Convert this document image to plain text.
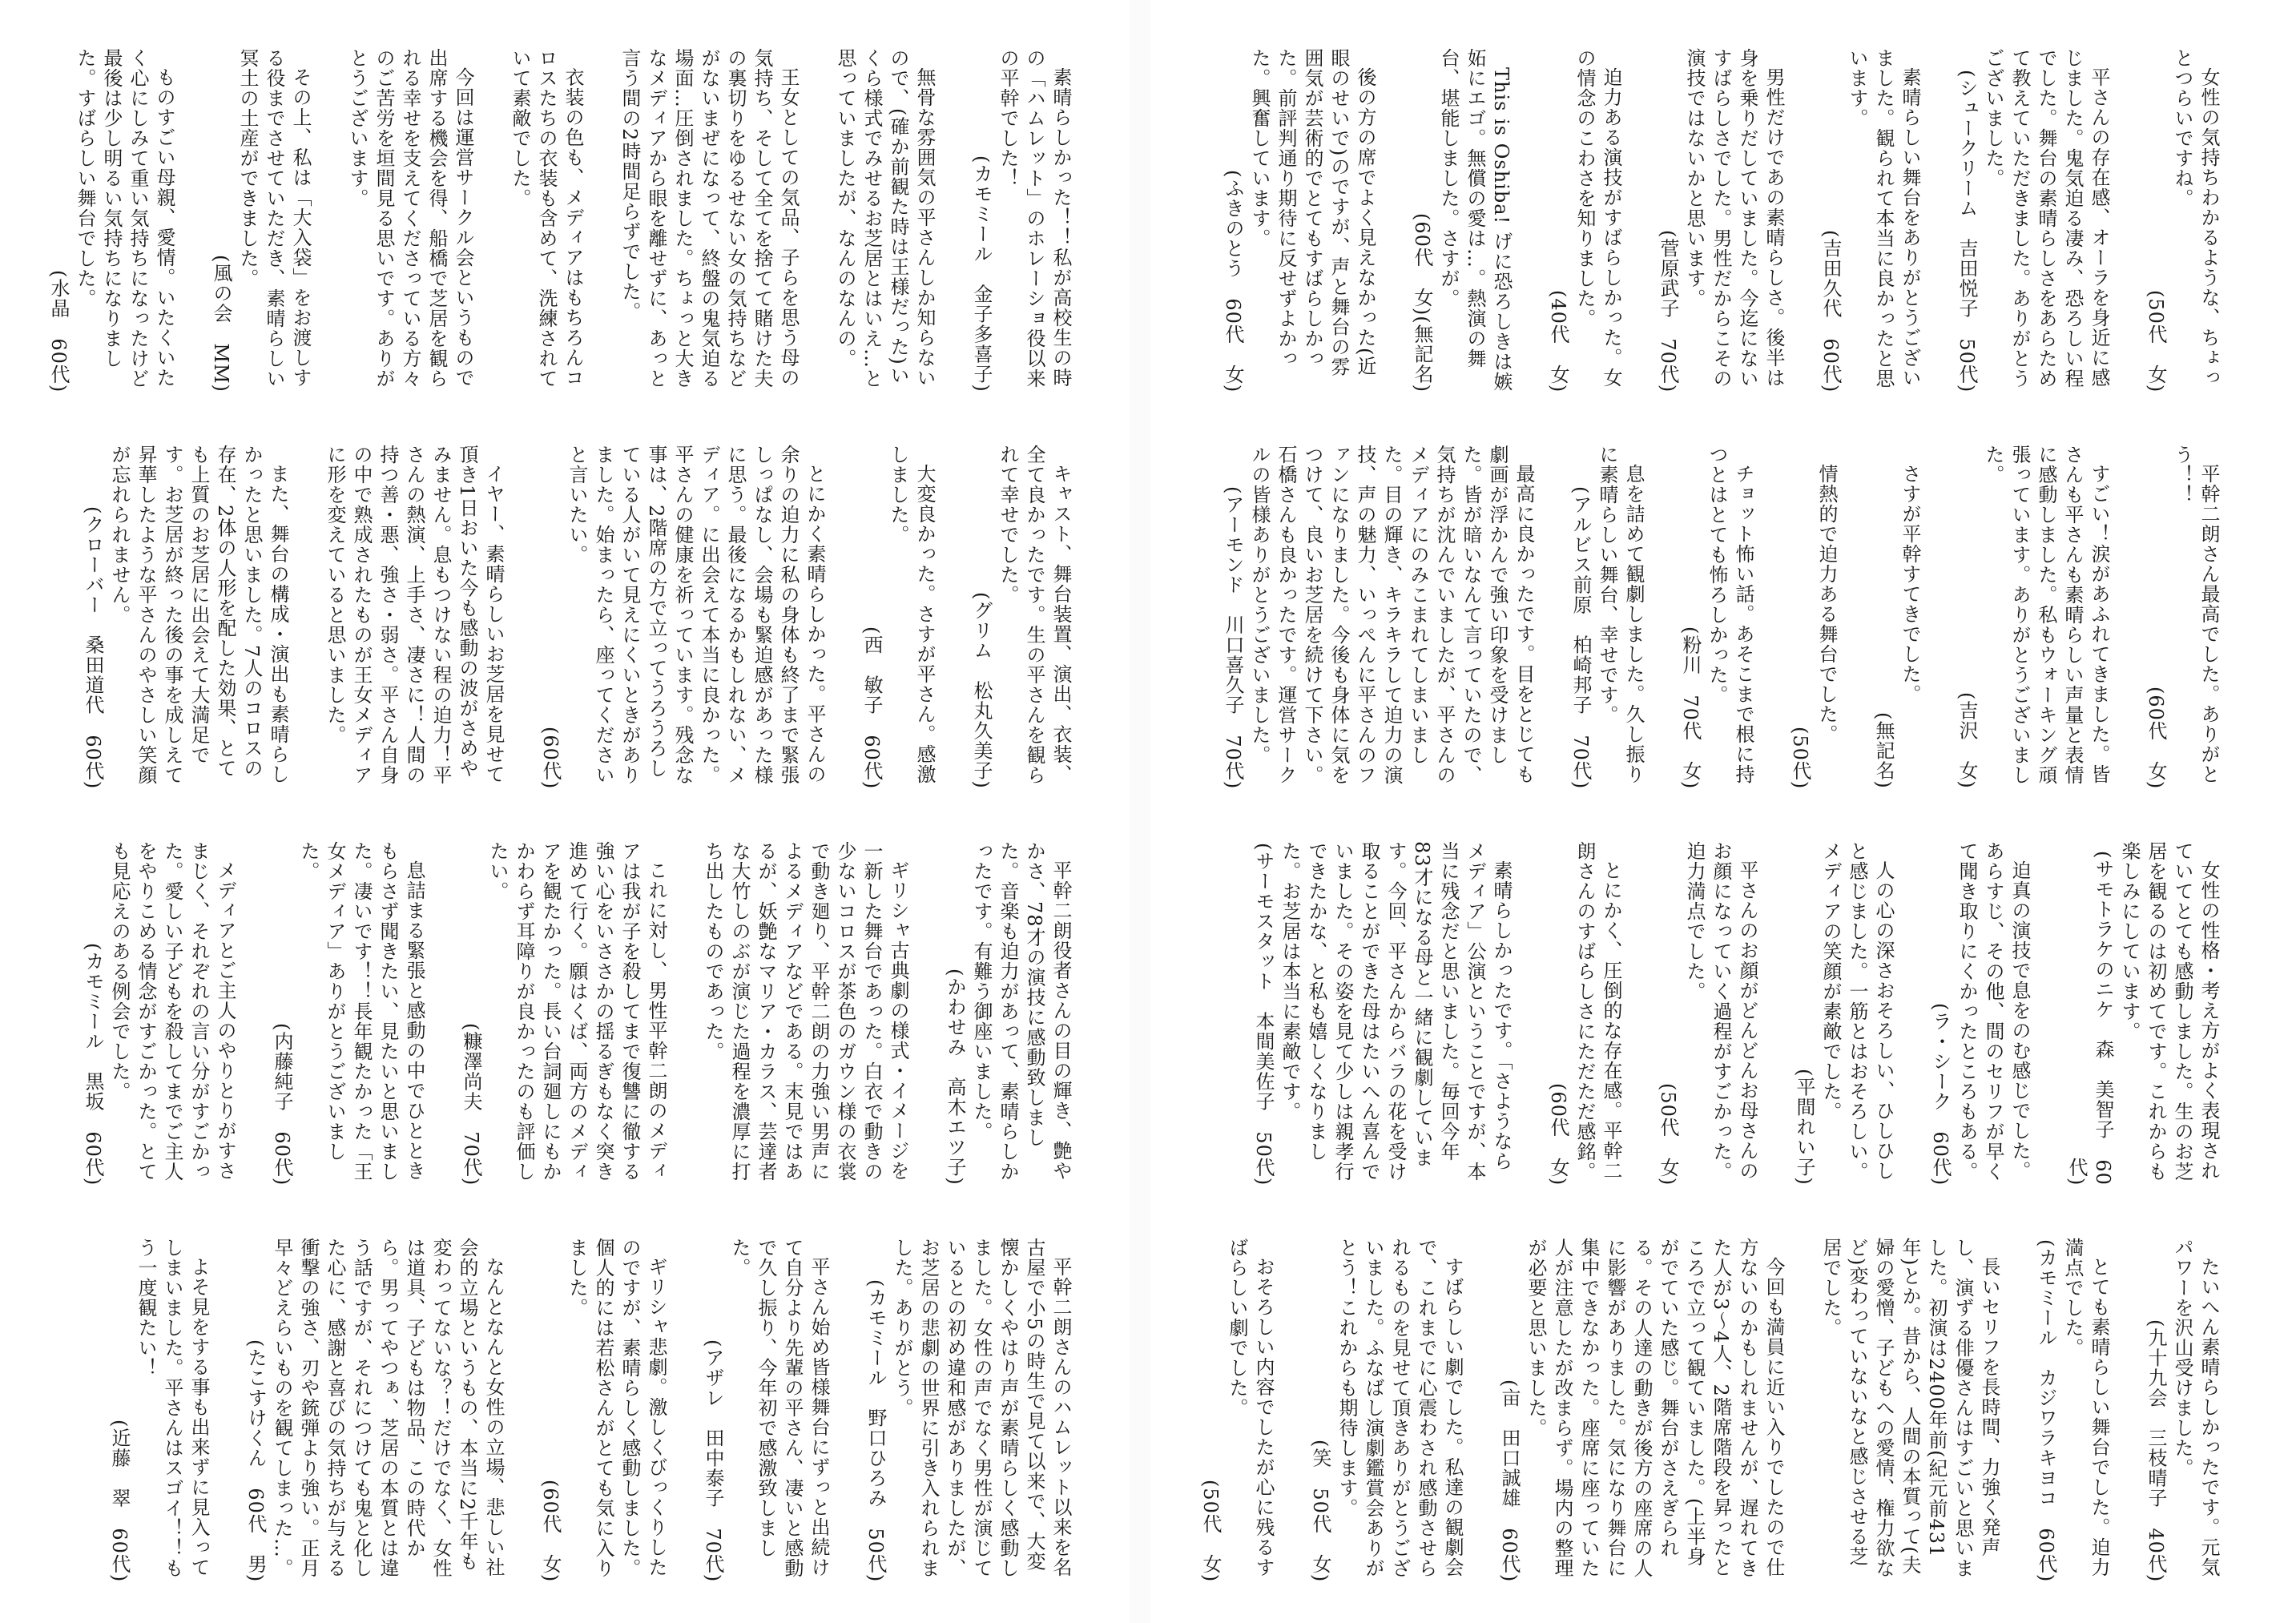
女性の気持ちわかるような、ちょっとつらいですね。

(50代　女)

平さんの存在感、オーラを身近に感じました。鬼気迫る凄み、恐ろしい程でした。舞台の素晴らしさをあらためて教えていただきました。ありがとうございました。

(シュークリーム　吉田悦子　50代)

素晴らしい舞台をありがとうございました。観られて本当に良かったと思います。

(吉田久代　60代)

男性だけであの素晴らしさ。後半は身を乗りだしていました。今迄にないすばらしさでした。男性だからこその演技ではないかと思います。

(菅原武子　70代)

迫力ある演技がすばらしかった。女の情念のこわさを知りました。

(40代　女)

This is Oshiba! げに恐ろしきは嫉妬にエゴ。無償の愛は…。熱演の舞台、堪能しました。さすが。

(60代　女)(無記名)

後の方の席でよく見えなかった(近眼のせいで)のですが、声と舞台の雰囲気が芸術的でとてもすばらしかった。前評判通り期待に反せずよかった。興奮しています。

(ふきのとう　60代　女)

平幹二朗さん最高でした。ありがとう！！

(60代　女)

すごい！涙があふれてきました。皆さんも平さんも素晴らしい声量と表情に感動しました。私もウォーキング頑張っています。ありがとうございました。

(吉沢　女)

さすが平幹すてきでした。

(無記名)

情熱的で迫力ある舞台でした。

(50代)

チョット怖い話。あそこまで根に持つとはとても怖ろしかった。

(粉川　70代　女)

息を詰めて観劇しました。久し振りに素晴らしい舞台、幸せです。

(アルビス前原　柏崎邦子　70代)

最高に良かったです。目をとじても劇画が浮かんで強い印象を受けました。皆が暗いなんて言っていたので、気持ちが沈んでいましたが、平さんのメディアにのみこまれてしまいました。目の輝き、キラキラして迫力の演技、声の魅力、いっぺんに平さんのファンになりました。今後も身体に気をつけて、良いお芝居を続けて下さい。石橋さんも良かったです。運営サークルの皆様ありがとうございました。

(アーモンド　川口喜久子　70代)

女性の性格・考え方がよく表現されていてとても感動しました。生のお芝居を観るのは初めてです。これからも楽しみにしています。

(サモトラケのニケ　森　美智子　60代)

迫真の演技で息をのむ感じでした。あらすじ、その他、間のセリフが早くて聞き取りにくかったところもある。

(ラ・シーク　60代)

人の心の深さおそろしい、ひしひしと感じました。一筋とはおそろしい。メディアの笑顔が素敵でした。

(平間れい子)

平さんのお顔がどんどんお母さんのお顔になっていく過程がすごかった。迫力満点でした。

(50代　女)

とにかく、圧倒的な存在感。平幹二朗さんのすばらしさにただただ感銘。

(60代　女)

素晴らしかったです。「さようならメディア」公演ということですが、本当に残念だと思いました。毎回今年83才になる母と一緒に観劇しています。今回、平さんからバラの花を受け取ることができた母はたいへん喜んでいました。その姿を見て少しは親孝行できたかな、と私も嬉しくなりました。お芝居は本当に素敵です。

(サーモスタット　本間美佐子　50代)

たいへん素晴らしかったです。元気パワーを沢山受けました。

(九十九会　三枝晴子　40代)

とても素晴らしい舞台でした。迫力満点でした。

(カモミール　カジワラキヨコ　60代)

長いセリフを長時間、力強く発声し、演ずる俳優さんはすごいと思いました。初演は2400年前(紀元前431年)とか。昔から、人間の本質って(夫婦の愛憎、子どもへの愛情、権力欲など)変わっていないなと感じさせる芝居でした。

今回も満員に近い入りでしたので仕方ないのかもしれませんが、遅れてきた人が3〜4人、2階席階段を昇ったところで立って観ていました。(上半身がでていた感じ。舞台がさえぎられる。その人達の動きが後方の座席の人に影響がありました。気になり舞台に集中できなかった。座席に座っていた人が注意したが改まらず。場内の整理が必要と思いました。

(亩　田口誠雄　60代)

すばらしい劇でした。私達の観劇会で、これまでに心震わされ感動させられるものを見せて頂きありがとうございました。ふなばし演劇鑑賞会ありがとう！これからも期待します。

(笑　50代　女)

おそろしい内容でしたが心に残るすばらしい劇でした。

(50代　女)

素晴らしかった！！私が高校生の時の「ハムレット」のホレーショ役以来の平幹でした！

(カモミール　金子多喜子)

無骨な雰囲気の平さんしか知らないので、(確か前観た時は王様だった)いくら様式でみせるお芝居とはいえ…と思っていましたが、なんのなんの。

王女としての気品、子らを思う母の気持ち、そして全てを捨てて賭けた夫の裏切りをゆるせない女の気持ちなどがないまぜになって、終盤の鬼気迫る場面…圧倒されました。ちょっと大きなメディアから眼を離せずに、あっと言う間の2時間足らずでした。

衣装の色も、メディアはもちろんコロスたちの衣装も含めて、洗練されていて素敵でした。

今回は運営サークル会というもので出席する機会を得、船橋で芝居を観られる幸せを支えてくださっている方々のご苦労を垣間見る思いです。ありがとうございます。

その上、私は「大入袋」をお渡しする役までさせていただき、素晴らしい冥土の土産ができました。

(風の会　MM)

ものすごい母親、愛情。いたくいたく心にしみて重い気持ちになったけど最後は少し明るい気持ちになりました。すばらしい舞台でした。

(水晶　60代)

キャスト、舞台装置、演出、衣装、全て良かったです。生の平さんを観られて幸せでした。

(グリム　松丸久美子)

大変良かった。さすが平さん。感激しました。

(西　敏子　60代)

とにかく素晴らしかった。平さんの余りの迫力に私の身体も終了まで緊張しっぱなし、会場も緊迫感があった様に思う。最後になるかもしれない、メディア。に出会えて本当に良かった。平さんの健康を祈っています。残念な事は、2階席の方で立ってうろうろしている人がいて見えにくいときがありました。始まったら、座ってくださいと言いたい。

(60代)

イヤー、素晴らしいお芝居を見せて頂き1日おいた今も感動の波がさめやみません。息もつけない程の迫力！平さんの熱演、上手さ、凄さに！人間の持つ善・悪、強さ・弱さ。平さん自身の中で熟成されたものが王女メディアに形を変えていると思いました。

また、舞台の構成・演出も素晴らしかったと思いました。7人のコロスの存在、2体の人形を配した効果、とても上質のお芝居に出会えて大満足です。お芝居が終った後の事を成しえて昇華したような平さんのやさしい笑顔が忘れられません。

(クローバー　桑田道代　60代)

平幹二朗役者さんの目の輝き、艶やかさ、78才の演技に感動致しました。音楽も迫力があって、素晴らしかったです。有難う御座いました。

(かわせみ　高木エツ子)

ギリシャ古典劇の様式・イメージを一新した舞台であった。白衣で動きの少ないコロスが茶色のガウン様の衣裳で動き廻り、平幹二朗の力強い男声によるメディアなどである。末見ではあるが、妖艶なマリア・カラス、芸達者な大竹しのぶが演じた過程を濃厚に打ち出したものであった。

これに対し、男性平幹二朗のメディアは我が子を殺してまで復讐に徹する強い心をいささかの揺るぎもなく突き進めて行く。願はくば、両方のメディアを観たかった。長い台詞廻しにもかかわらず耳障りが良かったのも評価したい。

(糠澤尚夫　70代)

息詰まる緊張と感動の中でひとときもらさず聞きたい、見たいと思いました。凄いです！！長年観たかった「王女メディア」ありがとうございました。

(内藤純子　60代)

メディアとご主人のやりとりがすさまじく、それぞれの言い分がすごかった。愛しい子どもを殺してまでご主人をやりこめる情念がすごかった。とても見応えのある例会でした。

(カモミール　黒坂　60代)

平幹二朗さんのハムレット以来を名古屋で小5の時生で見て以来で、大変懐かしくやはり声が素晴らしく感動しました。女性の声でなく男性が演じているとの初め違和感がありましたが、お芝居の悲劇の世界に引き入れられました。ありがとう。

(カモミール　野口ひろみ　50代)

平さん始め皆様舞台にずっと出続けて自分より先輩の平さん、凄いと感動で久し振り、今年初で感激致しました。

(アザレ　田中泰子　70代)

ギリシャ悲劇。激しくびっくりしたのですが、素晴らしく感動しました。個人的には若松さんがとても気に入りました。

(60代　女)

なんとなんと女性の立場、悲しい社会的立場というもの、本当に2千年も変わってないな？！だけでなく、女性は道具、子どもは物品、この時代から。男ってやつぁ、芝居の本質とは違う話ですが、それにつけても鬼と化した心に、感謝と喜びの気持ちが与える衝撃の強さ、刃や銃弾より強い。正月早々どえらいものを観てしまった…。

(たこすけくん　60代　男)

よそ見をする事も出来ずに見入ってしまいました。平さんはスゴイ！！もう一度観たい！

(近藤　翠　60代)
